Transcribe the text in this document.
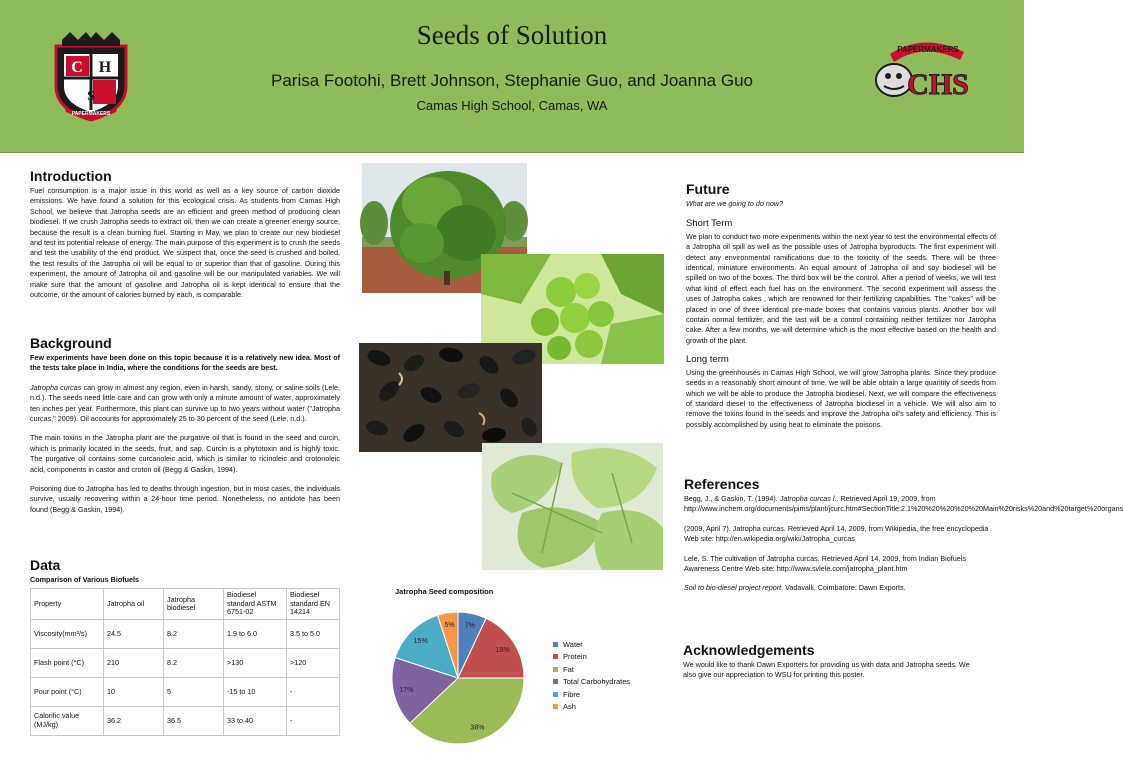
C H
S
PAPERMAKERS
Seeds of Solution
Parisa Footohi, Brett Johnson, Stephanie Guo, and Joanna Guo
Camas High School, Camas, WA
PAPERMAKERS
CHS
Introduction

Fuel consumption is a major issue in this world as well as a key source of carbon dioxide emissions. We have found a solution for this ecological crisis. As students from Camas High School, we believe that Jatropha seeds are an efficient and green method of producing clean biodiesel. If we crush Jatropha seeds to extract oil, then we can create a greener energy source, because the result is a clean burning fuel. Starting in May, we plan to create our new biodiesel and test its potential release of energy. The main purpose of this experiment is to crush the seeds and test the usability of the end product. We suspect that, once the seed is crushed and boiled, the test results of the Jatropha oil will be equal to or superior than that of gasoline. During this experiment, the amount of Jatropha oil and gasoline will be our manipulated variables. We will make sure that the amount of gasoline and Jatropha oil is kept identical to ensure that the outcome, or the amount of calories burned by each, is comparable.

Background

Few experiments have been done on this topic because it is a relatively new idea. Most of the tests take place in India, where the conditions for the seeds are best.

Jatropha curcas can grow in almost any region, even in harsh, sandy, stony, or saline soils (Lele, n.d.). The seeds need little care and can grow with only a minute amount of water, approximately ten inches per year. Furthermore, this plant can survive up to two years without water ("Jatropha curcas," 2009). Oil accounts for approximately 25 to 30 percent of the seed (Lele, n.d.).

The main toxins in the Jatropha plant are the purgative oil that is found in the seed and curcin, which is primarily located in the seeds, fruit, and sap. Curcin is a phytotoxin and is highly toxic. The purgative oil contains some curcanoleic acid, which is similar to ricinoleic and crotonoleic acid, components in castor and croton oil (Begg & Gaskin, 1994).

Poisoning due to Jatropha has led to deaths through ingestion, but in most cases, the individuals survive, usually recovering within a 24-hour time period. Nonetheless, no antidote has been found (Begg & Gaskin, 1994).

Data
Comparison of Various Biofuels
Property	Jatropha oil	Jatropha biodiesel	Biodiesel standard ASTM 6751-02	Biodiesel standard EN 14214
Viscosity(mm²/s)	24.5	8.2	1.9 to 6.0	3.5 to 5.0
Flash point (°C)	210	8.2	>130	>120
Pour point (°C)	10	5	-15 to 10	-
Calorific value (MJ/kg)	36.2	36.5	33 to 40	-
Jatropha Seed composition
7%
18%
38%
17%
15%
5%
Water
Protein
Fat
Total Carbohydrates
Fibre
Ash
Future
What are we going to do now?
Short Term

We plan to conduct two more experiments within the next year to test the environmental effects of a Jatropha oil spill as well as the possible uses of Jatropha byproducts. The first experiment will detect any environmental ramifications due to the toxicity of the seeds. There will be three identical, miniature environments. An equal amount of Jatropha oil and soy biodiesel will be spilled on two of the boxes. The third box will be the control. After a period of weeks, we will test what kind of effect each fuel has on the environment. The second experiment will assess the uses of Jatropha cakes , which are renowned for their fertilizing capabilities. The "cakes" will be placed in one of three identical pre-made boxes that contains various plants. Another box will contain normal fertilizer, and the last will be a control containing neither fertilizer nor Jatropha cake. After a few months, we will determine which is the most effective based on the health and growth of the plant.

Long term

Using the greenhouses in Camas High School, we will grow Jatropha plants. Since they produce seeds in a reasonably short amount of time, we will be able obtain a large quantity of seeds from which we will be able to produce the Jatropha biodiesel. Next, we will compare the effectiveness of standard diesel to the effectiveness of Jatropha biodiesel in a vehicle. We will also aim to remove the toxins found in the seeds and improve the Jatropha oil's safety and efficiency. This is possibly accomplished by using heat to eliminate the poisons.

References

Begg, J., & Gaskin, T. (1994). Jatropha curcas l.. Retrieved April 19, 2009, from http://www.inchem.org/documents/pims/plant/jcurc.htm#SectionTitle:2.1%20%20%20%20%20Main%20risks%20and%20target%20organs

(2009, April 7). Jatropha curcas. Retrieved April 14, 2009, from Wikipedia, the free encyclopedia Web site: http://en.wikipedia.org/wiki/Jatropha_curcas

Lele, S. The cultivation of Jatropha curcas. Retrieved April 14, 2009, from Indian Biofuels Awareness Centre Web site: http://www.svlele.com/jatropha_plant.htm

Soil to bio-diesel project report. Vadavalli, Coimbatore: Dawn Exports.

Acknowledgements

We would like to thank Dawn Exporters for providing us with data and Jatropha seeds. We also give our appreciation to WSU for printing this poster.
